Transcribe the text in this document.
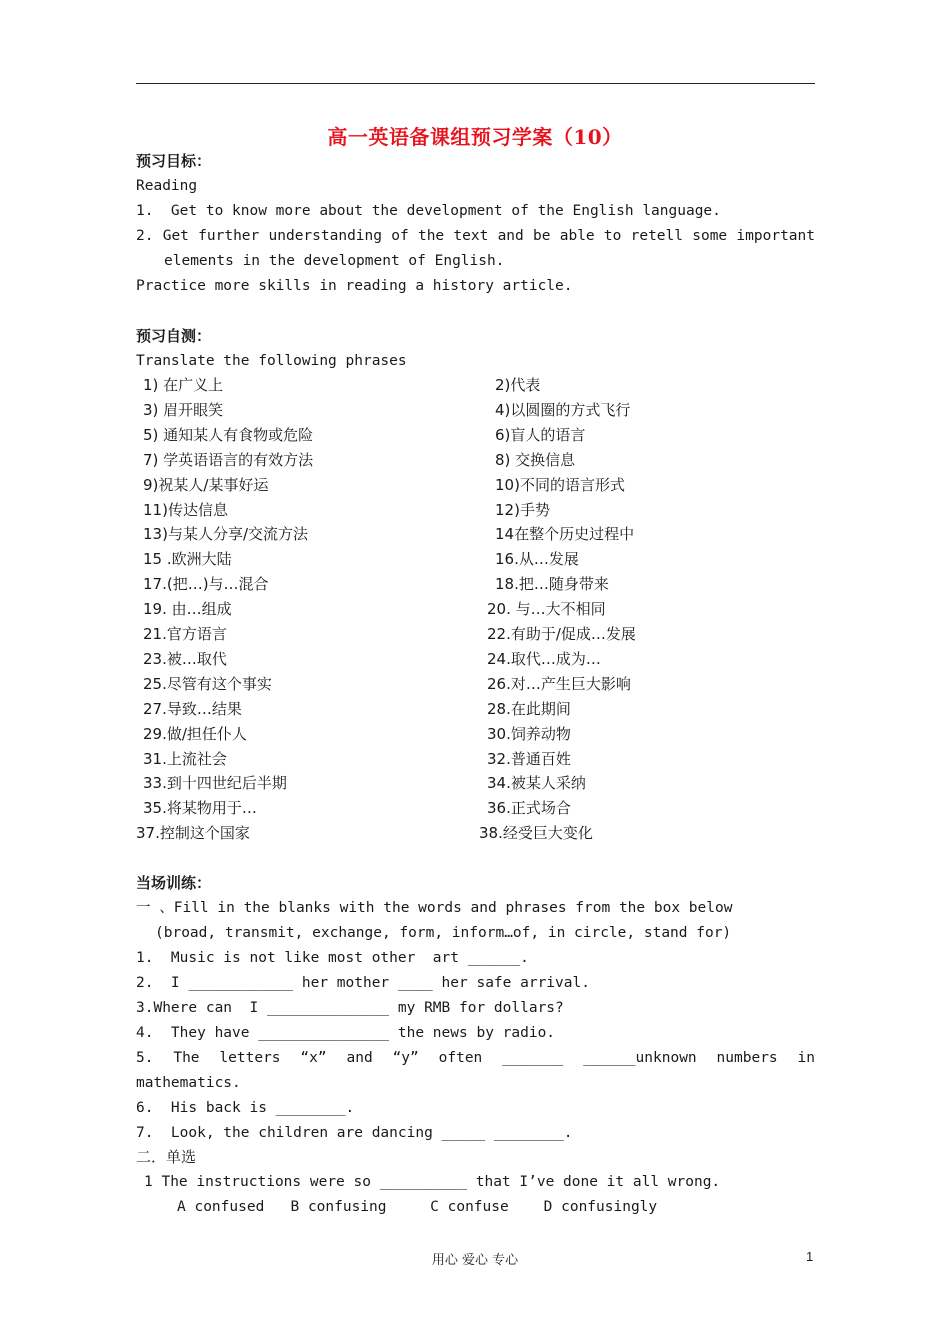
高一英语备课组预习学案（10）
预习目标：
Reading
1.  Get to know more about the development of the English language.
2. Get further understanding of the text and be able to retell some important
elements in the development of English.
Practice more skills in reading a history article.
预习自测：
Translate the following phrases
1) 在广义上	2)代表
3) 眉开眼笑	4)以圆圈的方式飞行
5) 通知某人有食物或危险	6)盲人的语言
7) 学英语语言的有效方法	8) 交换信息
9)祝某人/某事好运	10)不同的语言形式
11)传达信息	12)手势
13)与某人分享/交流方法	14在整个历史过程中
15 .欧洲大陆	16.从…发展
17.(把…)与…混合	18.把…随身带来
19. 由…组成	20. 与…大不相同
21.官方语言	22.有助于/促成…发展
23.被…取代	24.取代…成为…
25.尽管有这个事实	26.对…产生巨大影响
27.导致…结果	28.在此期间
29.做/担任仆人	30.饲养动物
31.上流社会	32.普通百姓
33.到十四世纪后半期	34.被某人采纳
35.将某物用于…	36.正式场合
37.控制这个国家	38.经受巨大变化
当场训练：
一 、Fill in the blanks with the words and phrases from the box below
(broad, transmit, exchange, form, inform…of, in circle, stand for)
1.  Music is not like most other  art ______.
2.  I ____________ her mother ____ her safe arrival.
3.Where can  I ______________ my RMB for dollars?
4.  They have _______________ the news by radio.
5. The letters “x” and “y” often _______ ______unknown numbers in
mathematics.
6.  His back is ________.
7.  Look, the children are dancing _____ ________.
二．单选
1 The instructions were so __________ that I’ve done it all wrong.
A confused   B confusing     C confuse    D confusingly
用心 爱心 专心	1
